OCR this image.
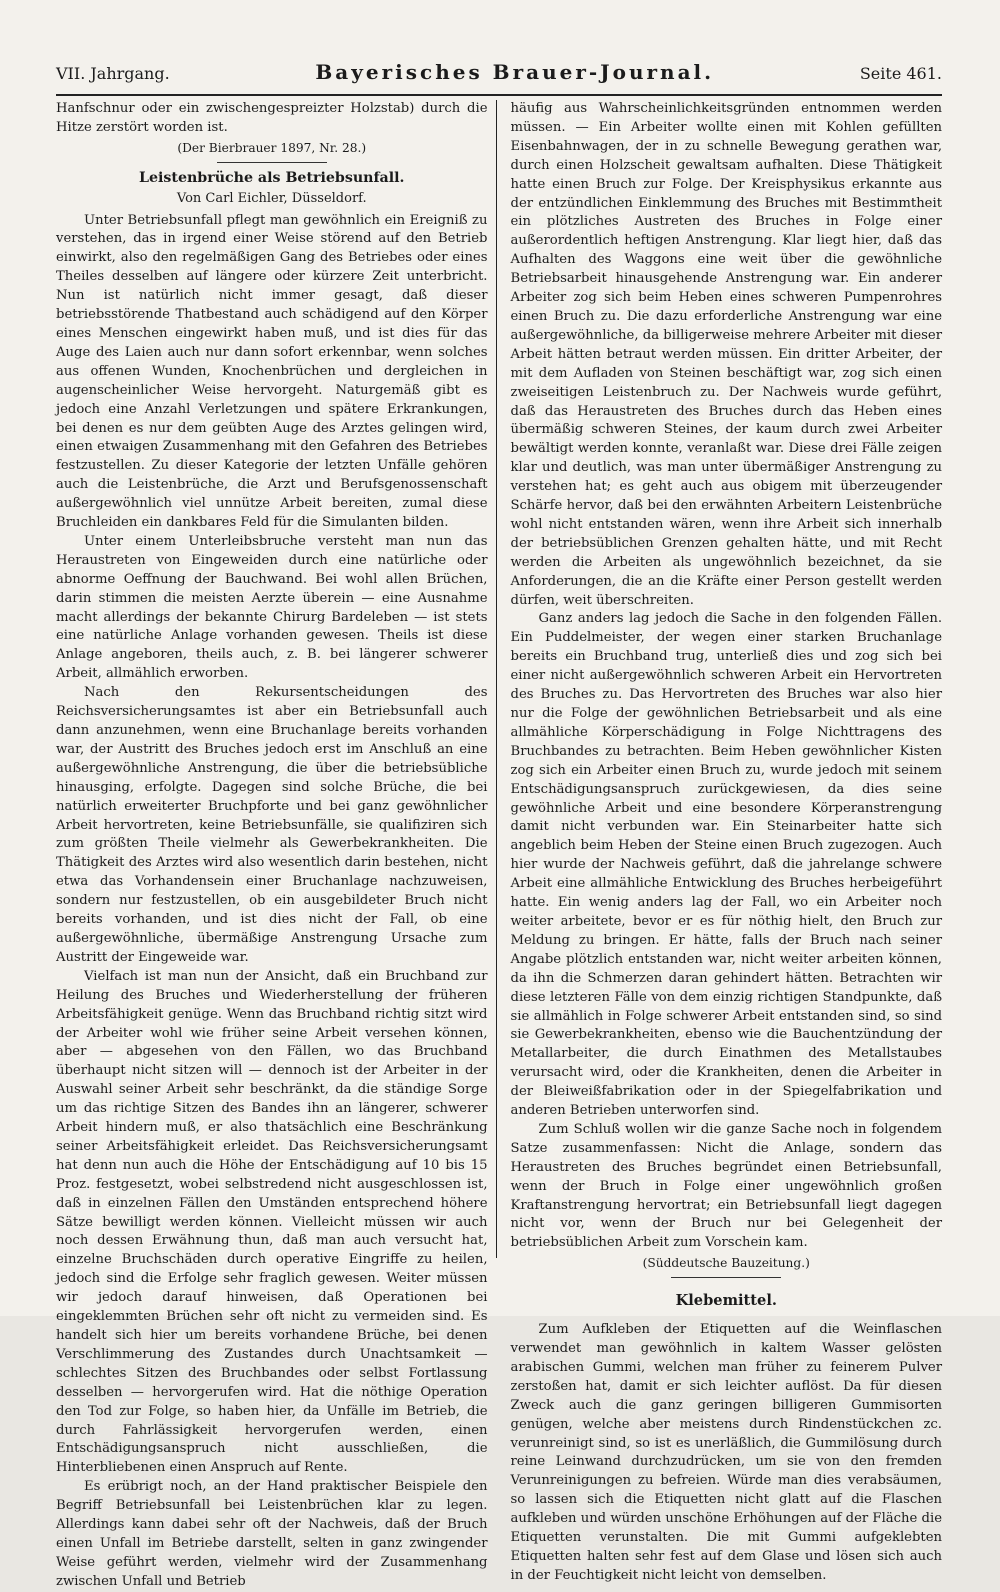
VII. Jahrgang.	Bayerisches Brauer-Journal.	Seite 461.

Hanfschnur oder ein zwischengespreizter Holzstab) durch die Hitze zerstört worden ist.

(Der Bierbrauer 1897, Nr. 28.)

Leistenbrüche als Betriebsunfall.

Von Carl Eichler, Düsseldorf.

Unter Betriebsunfall pflegt man gewöhnlich ein Ereigniß zu verstehen, das in irgend einer Weise störend auf den Betrieb einwirkt, also den regelmäßigen Gang des Betriebes oder eines Theiles desselben auf längere oder kürzere Zeit unterbricht. Nun ist natürlich nicht immer gesagt, daß dieser betriebsstörende Thatbestand auch schädigend auf den Körper eines Menschen eingewirkt haben muß, und ist dies für das Auge des Laien auch nur dann sofort erkennbar, wenn solches aus offenen Wunden, Knochenbrüchen und dergleichen in augenscheinlicher Weise hervorgeht. Naturgemäß gibt es jedoch eine Anzahl Verletzungen und spätere Erkrankungen, bei denen es nur dem geübten Auge des Arztes gelingen wird, einen etwaigen Zusammenhang mit den Gefahren des Betriebes festzustellen. Zu dieser Kategorie der letzten Unfälle gehören auch die Leistenbrüche, die Arzt und Berufsgenossenschaft außergewöhnlich viel unnütze Arbeit bereiten, zumal diese Bruchleiden ein dankbares Feld für die Simulanten bilden.

Unter einem Unterleibsbruche versteht man nun das Heraustreten von Eingeweiden durch eine natürliche oder abnorme Oeffnung der Bauchwand. Bei wohl allen Brüchen, darin stimmen die meisten Aerzte überein — eine Ausnahme macht allerdings der bekannte Chirurg Bardeleben — ist stets eine natürliche Anlage vorhanden gewesen. Theils ist diese Anlage angeboren, theils auch, z. B. bei längerer schwerer Arbeit, allmählich erworben.

Nach den Rekursentscheidungen des Reichsversicherungsamtes ist aber ein Betriebsunfall auch dann anzunehmen, wenn eine Bruchanlage bereits vorhanden war, der Austritt des Bruches jedoch erst im Anschluß an eine außergewöhnliche Anstrengung, die über die betriebsübliche hinausging, erfolgte. Dagegen sind solche Brüche, die bei natürlich erweiterter Bruchpforte und bei ganz gewöhnlicher Arbeit hervortreten, keine Betriebsunfälle, sie qualifiziren sich zum größten Theile vielmehr als Gewerbekrankheiten. Die Thätigkeit des Arztes wird also wesentlich darin bestehen, nicht etwa das Vorhandensein einer Bruchanlage nachzuweisen, sondern nur festzustellen, ob ein ausgebildeter Bruch nicht bereits vorhanden, und ist dies nicht der Fall, ob eine außergewöhnliche, übermäßige Anstrengung Ursache zum Austritt der Eingeweide war.

Vielfach ist man nun der Ansicht, daß ein Bruchband zur Heilung des Bruches und Wiederherstellung der früheren Arbeitsfähigkeit genüge. Wenn das Bruchband richtig sitzt wird der Arbeiter wohl wie früher seine Arbeit versehen können, aber — abgesehen von den Fällen, wo das Bruchband überhaupt nicht sitzen will — dennoch ist der Arbeiter in der Auswahl seiner Arbeit sehr beschränkt, da die ständige Sorge um das richtige Sitzen des Bandes ihn an längerer, schwerer Arbeit hindern muß, er also thatsächlich eine Beschränkung seiner Arbeitsfähigkeit erleidet. Das Reichsversicherungsamt hat denn nun auch die Höhe der Entschädigung auf 10 bis 15 Proz. festgesetzt, wobei selbstredend nicht ausgeschlossen ist, daß in einzelnen Fällen den Umständen entsprechend höhere Sätze bewilligt werden können. Vielleicht müssen wir auch noch dessen Erwähnung thun, daß man auch versucht hat, einzelne Bruchschäden durch operative Eingriffe zu heilen, jedoch sind die Erfolge sehr fraglich gewesen. Weiter müssen wir jedoch darauf hinweisen, daß Operationen bei eingeklemmten Brüchen sehr oft nicht zu vermeiden sind. Es handelt sich hier um bereits vorhandene Brüche, bei denen Verschlimmerung des Zustandes durch Unachtsamkeit — schlechtes Sitzen des Bruchbandes oder selbst Fortlassung desselben — hervorgerufen wird. Hat die nöthige Operation den Tod zur Folge, so haben hier, da Unfälle im Betrieb, die durch Fahrlässigkeit hervorgerufen werden, einen Entschädigungsanspruch nicht ausschließen, die Hinterbliebenen einen Anspruch auf Rente.

Es erübrigt noch, an der Hand praktischer Beispiele den Begriff Betriebsunfall bei Leistenbrüchen klar zu legen. Allerdings kann dabei sehr oft der Nachweis, daß der Bruch einen Unfall im Betriebe darstellt, selten in ganz zwingender Weise geführt werden, vielmehr wird der Zusammenhang zwischen Unfall und Betrieb

häufig aus Wahrscheinlichkeitsgründen entnommen werden müssen. — Ein Arbeiter wollte einen mit Kohlen gefüllten Eisenbahnwagen, der in zu schnelle Bewegung gerathen war, durch einen Holzscheit gewaltsam aufhalten. Diese Thätigkeit hatte einen Bruch zur Folge. Der Kreisphysikus erkannte aus der entzündlichen Einklemmung des Bruches mit Bestimmtheit ein plötzliches Austreten des Bruches in Folge einer außerordentlich heftigen Anstrengung. Klar liegt hier, daß das Aufhalten des Waggons eine weit über die gewöhnliche Betriebsarbeit hinausgehende Anstrengung war. Ein anderer Arbeiter zog sich beim Heben eines schweren Pumpenrohres einen Bruch zu. Die dazu erforderliche Anstrengung war eine außergewöhnliche, da billigerweise mehrere Arbeiter mit dieser Arbeit hätten betraut werden müssen. Ein dritter Arbeiter, der mit dem Aufladen von Steinen beschäftigt war, zog sich einen zweiseitigen Leistenbruch zu. Der Nachweis wurde geführt, daß das Heraustreten des Bruches durch das Heben eines übermäßig schweren Steines, der kaum durch zwei Arbeiter bewältigt werden konnte, veranlaßt war. Diese drei Fälle zeigen klar und deutlich, was man unter übermäßiger Anstrengung zu verstehen hat; es geht auch aus obigem mit überzeugender Schärfe hervor, daß bei den erwähnten Arbeitern Leistenbrüche wohl nicht entstanden wären, wenn ihre Arbeit sich innerhalb der betriebsüblichen Grenzen gehalten hätte, und mit Recht werden die Arbeiten als ungewöhnlich bezeichnet, da sie Anforderungen, die an die Kräfte einer Person gestellt werden dürfen, weit überschreiten.

Ganz anders lag jedoch die Sache in den folgenden Fällen. Ein Puddelmeister, der wegen einer starken Bruchanlage bereits ein Bruchband trug, unterließ dies und zog sich bei einer nicht außergewöhnlich schweren Arbeit ein Hervortreten des Bruches zu. Das Hervortreten des Bruches war also hier nur die Folge der gewöhnlichen Betriebsarbeit und als eine allmähliche Körperschädigung in Folge Nichttragens des Bruchbandes zu betrachten. Beim Heben gewöhnlicher Kisten zog sich ein Arbeiter einen Bruch zu, wurde jedoch mit seinem Entschädigungsanspruch zurückgewiesen, da dies seine gewöhnliche Arbeit und eine besondere Körperanstrengung damit nicht verbunden war. Ein Steinarbeiter hatte sich angeblich beim Heben der Steine einen Bruch zugezogen. Auch hier wurde der Nachweis geführt, daß die jahrelange schwere Arbeit eine allmähliche Entwicklung des Bruches herbeigeführt hatte. Ein wenig anders lag der Fall, wo ein Arbeiter noch weiter arbeitete, bevor er es für nöthig hielt, den Bruch zur Meldung zu bringen. Er hätte, falls der Bruch nach seiner Angabe plötzlich entstanden war, nicht weiter arbeiten können, da ihn die Schmerzen daran gehindert hätten. Betrachten wir diese letzteren Fälle von dem einzig richtigen Standpunkte, daß sie allmählich in Folge schwerer Arbeit entstanden sind, so sind sie Gewerbekrankheiten, ebenso wie die Bauchentzündung der Metallarbeiter, die durch Einathmen des Metallstaubes verursacht wird, oder die Krankheiten, denen die Arbeiter in der Bleiweißfabrikation oder in der Spiegelfabrikation und anderen Betrieben unterworfen sind.

Zum Schluß wollen wir die ganze Sache noch in folgendem Satze zusammenfassen: Nicht die Anlage, sondern das Heraustreten des Bruches begründet einen Betriebsunfall, wenn der Bruch in Folge einer ungewöhnlich großen Kraftanstrengung hervortrat; ein Betriebsunfall liegt dagegen nicht vor, wenn der Bruch nur bei Gelegenheit der betriebsüblichen Arbeit zum Vorschein kam.

(Süddeutsche Bauzeitung.)

Klebemittel.

Zum Aufkleben der Etiquetten auf die Weinflaschen verwendet man gewöhnlich in kaltem Wasser gelösten arabischen Gummi, welchen man früher zu feinerem Pulver zerstoßen hat, damit er sich leichter auflöst. Da für diesen Zweck auch die ganz geringen billigeren Gummisorten genügen, welche aber meistens durch Rindenstückchen zc. verunreinigt sind, so ist es unerläßlich, die Gummilösung durch reine Leinwand durchzudrücken, um sie von den fremden Verunreinigungen zu befreien. Würde man dies verabsäumen, so lassen sich die Etiquetten nicht glatt auf die Flaschen aufkleben und würden unschöne Erhöhungen auf der Fläche die Etiquetten verunstalten. Die mit Gummi aufgeklebten Etiquetten halten sehr fest auf dem Glase und lösen sich auch in der Feuchtigkeit nicht leicht von demselben.
